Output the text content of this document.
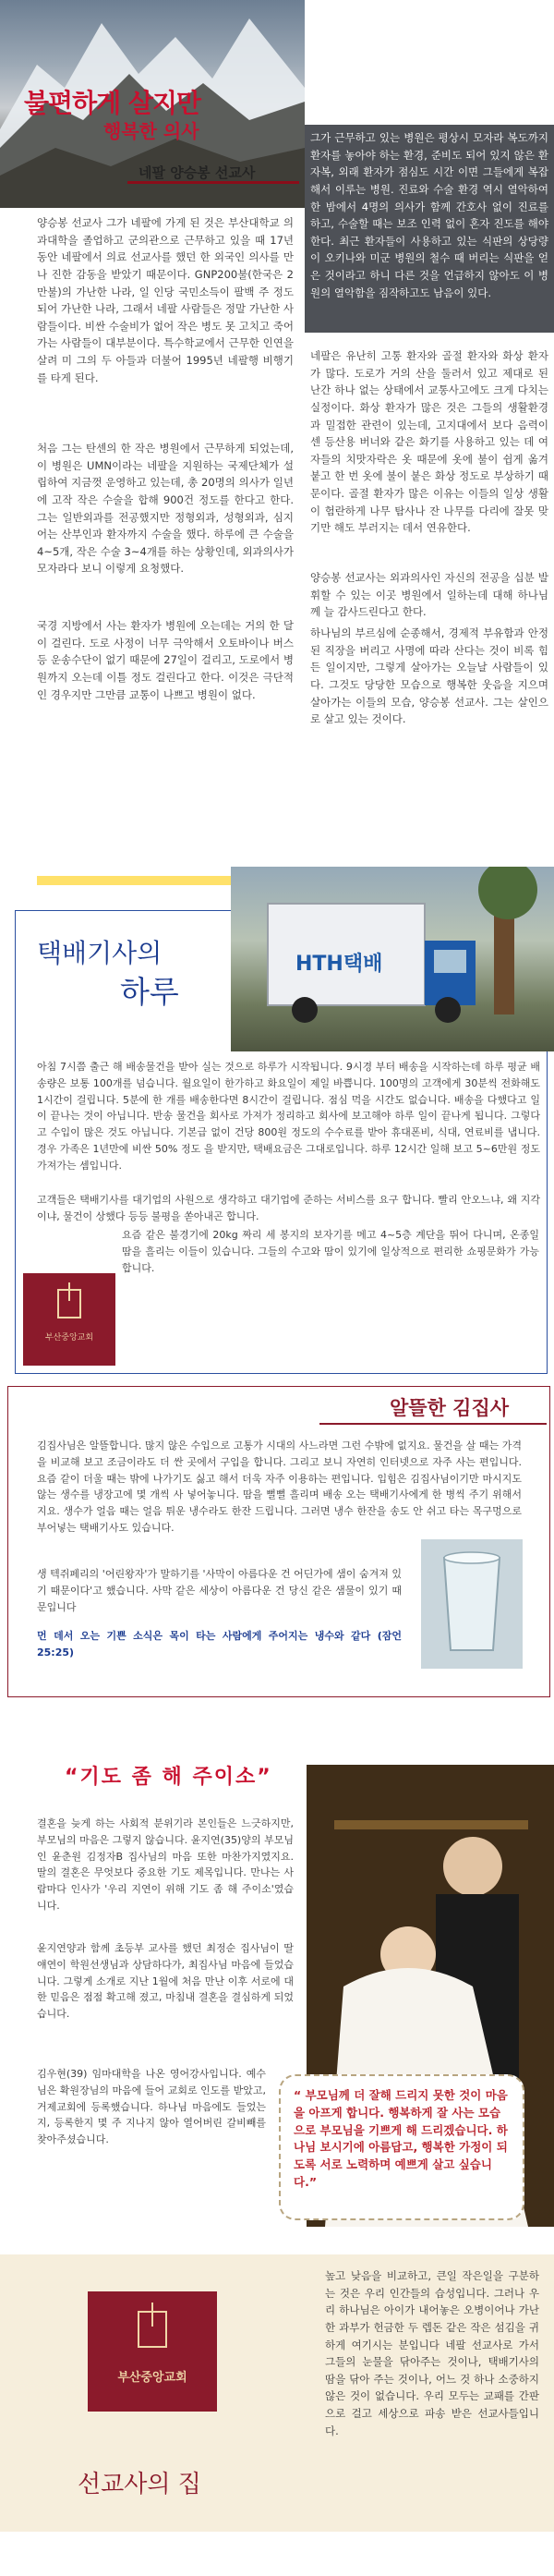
불편하게 살지만
행복한 의사
네팔 양승봉 선교사
그가 근무하고 있는 병원은 평상시 모자라 복도까지 환자를 놓아야 하는 환경, 준비도 되어 있지 않은 환자복, 외래 환자가 점심도 시간 이면 그들에게 복잡해서 이루는 병원. 진료와 수술 환경 역시 열악하여 한 밤에서 4명의 의사가 함께 간호사 없이 진료를 하고, 수술할 때는 보조 인력 없이 혼자 진도를 해야 한다. 최근 환자들이 사용하고 있는 식판의 상당량이 오키나와 미군 병원의 철수 때 버리는 식판을 얻은 것이라고 하니 다른 것을 언급하지 않아도 이 병원의 열악함을 짐작하고도 남음이 있다.
네팔은 유난히 고통 환자와 골절 환자와 화상 환자가 많다. 도로가 거의 산을 둘러서 있고 제대로 된 난간 하나 없는 상태에서 교통사고에도 크게 다치는 실정이다. 화상 환자가 많은 것은 그들의 생활환경과 밀접한 관련이 있는데, 고지대에서 보다 음력이 센 등산용 버너와 같은 화기를 사용하고 있는 데 여자들의 치맛자락은 옷 때문에 옷에 불이 쉽게 옮겨 붙고 한 번 옷에 불이 붙은 화상 정도로 부상하기 때문이다. 골절 환자가 많은 이유는 이들의 일상 생활이 험란하게 나무 탐사나 잔 나무를 다리에 잘못 맞기만 해도 부러지는 데서 연유한다.
양승봉 선교사는 외과의사인 자신의 전공을 십분 발휘할 수 있는 이곳 병원에서 일하는데 대해 하나님께 늘 감사드린다고 한다.
하나님의 부르심에 순종해서, 경제적 부유함과 안정된 직장을 버리고 사명에 따라 산다는 것이 비록 힘든 일이지만, 그렇게 살아가는 오늘날 사람들이 있다. 그것도 당당한 모습으로 행복한 웃음을 지으며 살아가는 이들의 모습, 양승봉 선교사. 그는 살인으로 살고 있는 것이다.
양승봉 선교사 그가 네팔에 가게 된 것은 부산대학교 의과대학을 졸업하고 군의관으로 근무하고 있을 때 17년 동안 네팔에서 의료 선교사를 했던 한 외국인 의사를 만나 진한 감동을 받았기 때문이다. GNP200불(한국은 2만불)의 가난한 나라, 일 인당 국민소득이 팔백 주 정도 되어 가난한 나라, 그래서 네팔 사람들은 정말 가난한 사람들이다. 비싼 수술비가 없어 작은 병도 못 고치고 죽어가는 사람들이 대부분이다. 특수학교에서 근무한 인연을 살려 미 그의 두 아들과 더불어 1995년 네팔행 비행기를 타게 된다.
처음 그는 탄센의 한 작은 병원에서 근무하게 되었는데, 이 병원은 UMN이라는 네팔을 지원하는 국제단체가 설립하여 지금껏 운영하고 있는데, 총 20명의 의사가 일년에 고작 작은 수술을 합해 900건 정도를 한다고 한다. 그는 일반외과를 전공했지만 정형외과, 성형외과, 심지어는 산부인과 환자까지 수술을 했다. 하루에 큰 수술을 4~5개, 작은 수술 3~4개를 하는 상황인데, 외과의사가 모자라다 보니 이렇게 요청했다.
국경 지방에서 사는 환자가 병원에 오는데는 거의 한 달이 걸린다. 도로 사정이 너무 극악해서 오토바이나 버스 등 운송수단이 없기 때문에 27일이 걸리고, 도로에서 병원까지 오는데 이틀 정도 걸린다고 한다. 이것은 극단적인 경우지만 그만큼 교통이 나쁘고 병원이 없다.
HTH택배
택배기사의
하루
아침 7시쯤 출근 해 배송물건을 받아 실는 것으로 하루가 시작됩니다. 9시경 부터 배송을 시작하는데 하루 평균 배송량은 보통 100개를 넘습니다. 월요일이 한가하고 화요일이 제일 바쁩니다. 100명의 고객에게 30분씩 전화해도 1시간이 걸립니다. 5분에 한 개를 배송한다면 8시간이 걸립니다. 점심 먹을 시간도 없습니다. 배송을 다했다고 일이 끝나는 것이 아닙니다. 반송 물건을 회사로 가져가 정리하고 회사에 보고해야 하루 일이 끝나게 됩니다. 그렇다고 수입이 많은 것도 아닙니다. 기본급 없이 건당 800원 정도의 수수료를 받아 휴대폰비, 식대, 연료비를 냅니다. 경우 가족은 1년만에 비싼 50% 정도 을 받지만, 택배요금은 그대로입니다. 하루 12시간 일해 보고 5~6만원 정도 가져가는 셈입니다.
고객들은 택배기사를 대기업의 사원으로 생각하고 대기업에 준하는 서비스를 요구 합니다. 빨리 안오느냐, 왜 지각이냐, 물건이 상했다 등등 불평을 쏟아내곤 합니다.
요즘 같은 불경기에 20kg 짜리 세 봉지의 보자기를 메고 4~5층 계단을 뛰어 다니며, 온종일 땀을 흘리는 이들이 있습니다. 그들의 수고와 땀이 있기에 일상적으로 편리한 쇼핑문화가 가능합니다.
부산중앙교회
알뜰한 김집사
김집사님은 알뜰합니다. 많지 않은 수입으로 고통가 시대의 사느라면 그런 수밖에 없지요. 물건을 살 때는 가격을 비교해 보고 조금이라도 더 싼 곳에서 구입을 합니다. 그리고 보니 자연히 인터넷으로 자주 사는 편입니다. 요즘 같이 더울 때는 밖에 나가기도 싫고 해서 더욱 자주 이용하는 편입니다. 입힘은 김집사님이기만 마시지도 않는 생수를 냉장고에 몇 개씩 사 넣어놓니다. 땀을 뻘뻘 흘리며 배송 오는 택배기사에게 한 병씩 주기 위해서지요. 생수가 얼음 때는 얼음 튀운 냉수라도 한잔 드립니다. 그러면 냉수 한잔을 송도 안 쉬고 타는 목구멍으로 부어넣는 택배기사도 있습니다.
생 텍쥐페리의 '어린왕자'가 말하기를 '사막이 아름다운 건 어딘가에 샘이 숨겨져 있기 때문이다'고 했습니다. 사막 같은 세상이 아름다운 건 당신 같은 샘물이 있기 때문입니다
먼 데서 오는 기쁜 소식은 목이 타는 사람에게 주어지는 냉수와 같다 (잠언 25:25)
“기도 좀 해 주이소”
“ 부모님께 더 잘해 드리지 못한 것이 마음을 아프게 합니다. 행복하게 잘 사는 모습으로 부모님을 기쁘게 해 드리겠습니다. 하나님 보시기에 아름답고, 행복한 가정이 되도록 서로 노력하며 예쁘게 살고 싶습니다.”
결혼을 늦게 하는 사회적 분위기라 본인들은 느긋하지만, 부모님의 마음은 그렇지 않습니다. 윤지연(35)양의 부모님인 윤춘원 김정자B 집사님의 마음 또한 마찬가지였지요. 딸의 결혼은 무엇보다 중요한 기도 제목입니다. 만나는 사람마다 인사가 '우리 지연이 위해 기도 좀 해 주이소'였습니다.
윤지연양과 함께 초등부 교사를 했던 최정순 집사님이 딸 얘연이 학원선생님과 상담하다가, 최집사님 마음에 들었습니다. 그렇게 소개로 지난 1월에 처음 만난 이후 서로에 대한 믿음은 점점 확고해 졌고, 마침내 결혼을 결심하게 되었습니다.
김우현(39) 임마대학을 나온 영어강사입니다. 예수님은 확원장님의 마음에 들어 교회로 인도를 받았고, 거제교회에 등록했습니다. 하나님 마음에도 들었는지, 등록한지 몇 주 지나지 않아 열어버린 갈비빼를 찾아주셨습니다.
부산중앙교회
선교사의 집
높고 낮음을 비교하고, 큰일 작은일을 구분하는 것은 우리 인간들의 습성입니다. 그러나 우리 하나님은 아이가 내어놓은 오병이어나 가난한 과부가 헌금한 두 렙돈 같은 작은 섬김을 귀하게 여기시는 분입니다 네팔 선교사로 가서 그들의 눈물을 닦아주는 것이나, 택배기사의 땀을 닦아 주는 것이나, 어느 것 하나 소중하지 않은 것이 없습니다. 우리 모두는 교패를 간판으로 걸고 세상으로 파송 받은 선교사들입니다.
